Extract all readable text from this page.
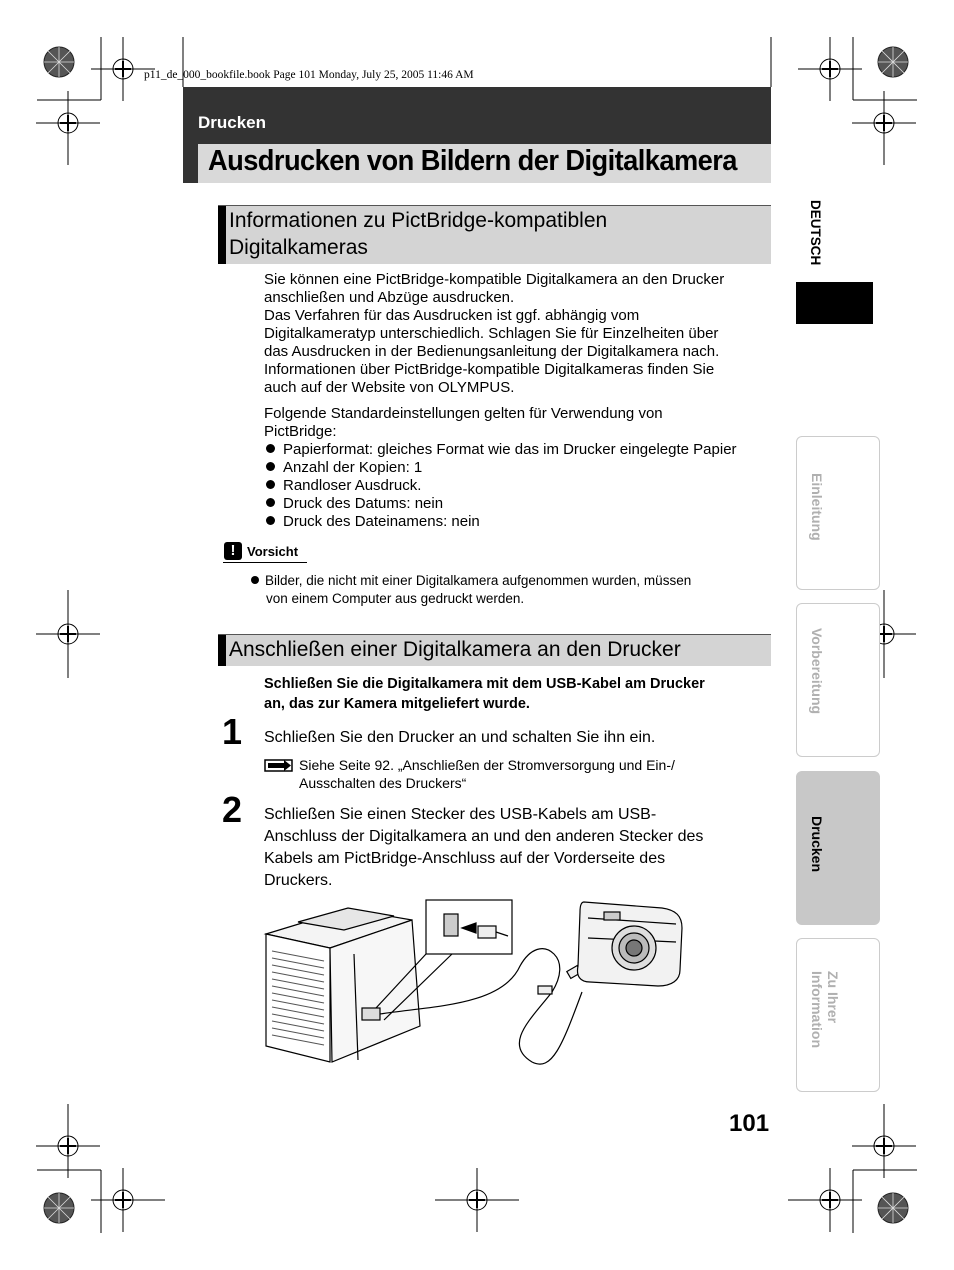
p11_de_000_bookfile.book Page 101 Monday, July 25, 2005 11:46 AM
Drucken
Ausdrucken von Bildern der Digitalkamera
Informationen zu PictBridge-kompatiblen
Digitalkameras
Sie können eine PictBridge-kompatible Digitalkamera an den Drucker
anschließen und Abzüge ausdrucken.
Das Verfahren für das Ausdrucken ist ggf. abhängig vom
Digitalkameratyp unterschiedlich. Schlagen Sie für Einzelheiten über
das Ausdrucken in der Bedienungsanleitung der Digitalkamera nach.
Informationen über PictBridge-kompatible Digitalkameras finden Sie
auch auf der Website von OLYMPUS.
Folgende Standardeinstellungen gelten für Verwendung von
PictBridge:
Papierformat: gleiches Format wie das im Drucker eingelegte Papier
Anzahl der Kopien: 1
Randloser Ausdruck.
Druck des Datums: nein
Druck des Dateinamens: nein
! Vorsicht
Bilder, die nicht mit einer Digitalkamera aufgenommen wurden, müssen
von einem Computer aus gedruckt werden.
Anschließen einer Digitalkamera an den Drucker
Schließen Sie die Digitalkamera mit dem USB-Kabel am Drucker
an, das zur Kamera mitgeliefert wurde.
1 Schließen Sie den Drucker an und schalten Sie ihn ein.
Siehe Seite 92. „Anschließen der Stromversorgung und Ein-/
Ausschalten des Druckers“
2 Schließen Sie einen Stecker des USB-Kabels am USB-
Anschluss der Digitalkamera an und den anderen Stecker des
Kabels am PictBridge-Anschluss auf der Vorderseite des
Druckers.
DEUTSCH
Einleitung
Vorbereitung
Drucken
Zu Ihrer
Information
101
